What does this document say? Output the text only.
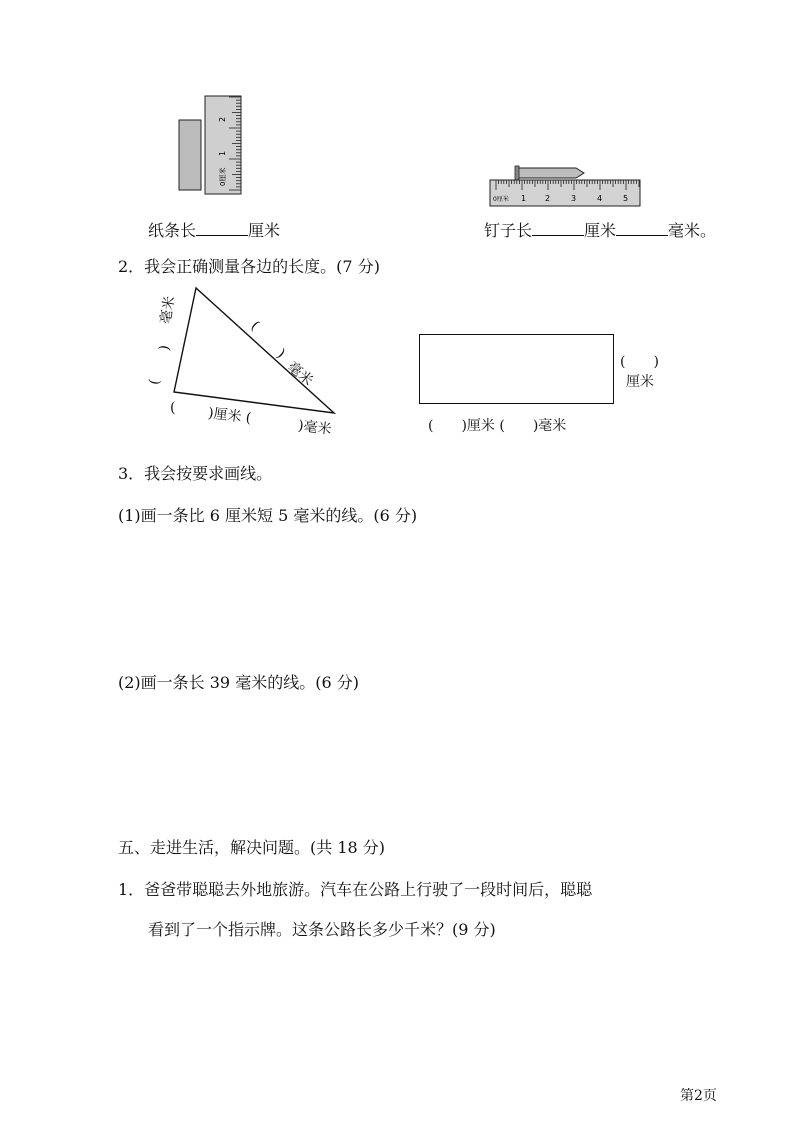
0厘米
1
2
0厘米 1 2	3	4	5
纸条长	厘米	钉子长	厘米	毫米。
2．我会正确测量各边的长度。(7 分)
毫米
)
(
(
)
毫米
( )厘米 (
)毫米
(　　)
厘米
(　　)厘米 (　　)毫米
3．我会按要求画线。
(1)画一条比 6 厘米短 5 毫米的线。(6 分)
(2)画一条长 39 毫米的线。(6 分)
五、走进生活，解决问题。(共 18 分)
1．爸爸带聪聪去外地旅游。汽车在公路上行驶了一段时间后，聪聪
看到了一个指示牌。这条公路长多少千米？(9 分)
第2页
